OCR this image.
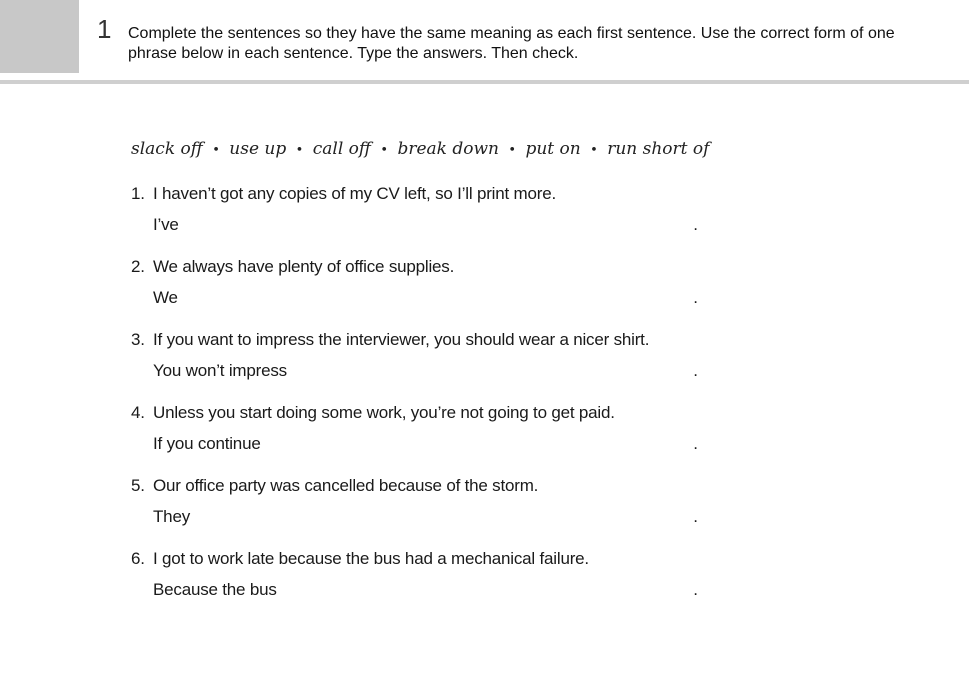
1 Complete the sentences so they have the same meaning as each first sentence. Use the correct form of one phrase below in each sentence. Type the answers. Then check.
slack off • use up • call off • break down • put on • run short of
1. I haven’t got any copies of my CV left, so I’ll print more.
I’ve	.
2. We always have plenty of office supplies.
We	.
3. If you want to impress the interviewer, you should wear a nicer shirt.
You won’t impress	.
4. Unless you start doing some work, you’re not going to get paid.
If you continue	.
5. Our office party was cancelled because of the storm.
They	.
6. I got to work late because the bus had a mechanical failure.
Because the bus	.
